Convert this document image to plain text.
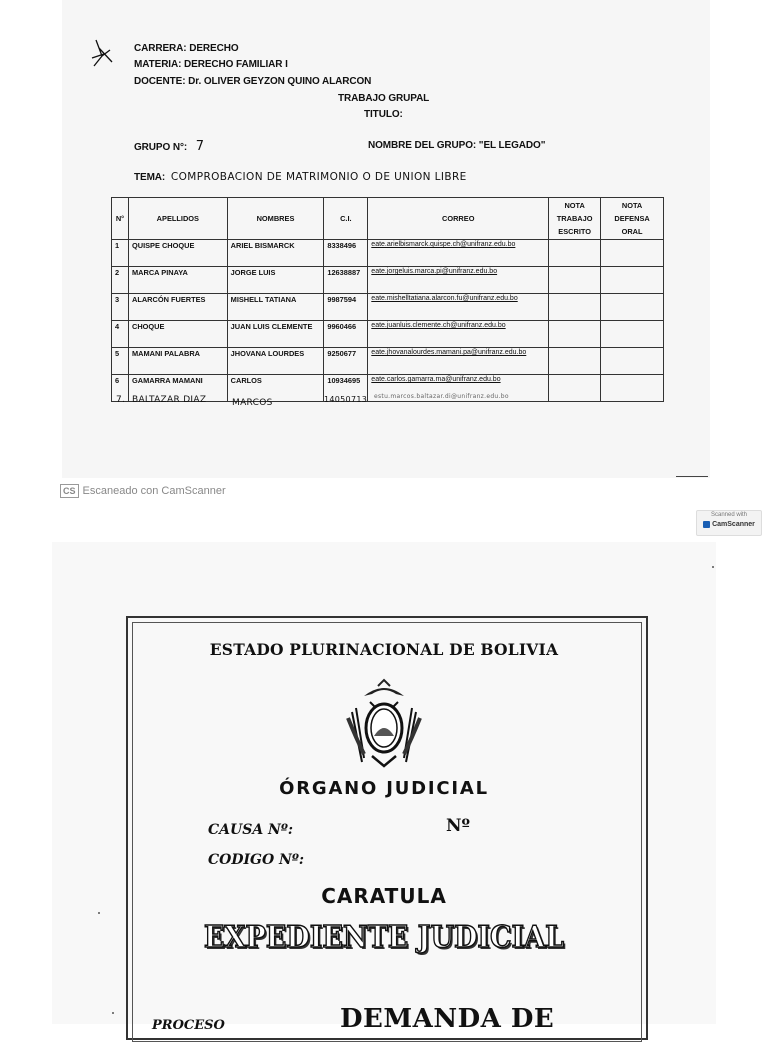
CARRERA: DERECHO
MATERIA: DERECHO FAMILIAR I
DOCENTE: Dr. OLIVER GEYZON QUINO ALARCON
TRABAJO GRUPAL
TITULO:
GRUPO N°: 7	NOMBRE DEL GRUPO: "EL LEGADO"
TEMA: COMPROBACION DE MATRIMONIO O DE UNION LIBRE
N°	APELLIDOS	NOMBRES	C.I.	CORREO	NOTA TRABAJO ESCRITO	NOTA DEFENSA ORAL
1	QUISPE CHOQUE	ARIEL BISMARCK	8338496	eate.arielbismarck.quispe.ch@unifranz.edu.bo		
2	MARCA PINAYA	JORGE LUIS	12638887	eate.jorgeluis.marca.pi@unifranz.edu.bo		
3	ALARCÓN FUERTES	MISHELL TATIANA	9987594	eate.mishelltatiana.alarcon.fu@unifranz.edu.bo		
4	CHOQUE	JUAN LUIS CLEMENTE	9960466	eate.juanluis.clemente.ch@unifranz.edu.bo		
5	MAMANI PALABRA	JHOVANA LOURDES	9250677	eate.jhovanalourdes.mamani.pa@unifranz.edu.bo		
6	GAMARRA MAMANI	CARLOS	10934695	eate.carlos.gamarra.ma@unifranz.edu.bo		
7. BALTAZAR DIAZ	MARCOS	14050713 estu.marcos.baltazar.di@unifranz.edu.bo
CS Escaneado con CamScanner
Scanned with
CamScanner
ESTADO PLURINACIONAL DE BOLIVIA
ÓRGANO JUDICIAL
CAUSA Nº:	Nº
CODIGO Nº:
CARATULA
EXPEDIENTE JUDICIAL
PROCESO	DEMANDA DE
